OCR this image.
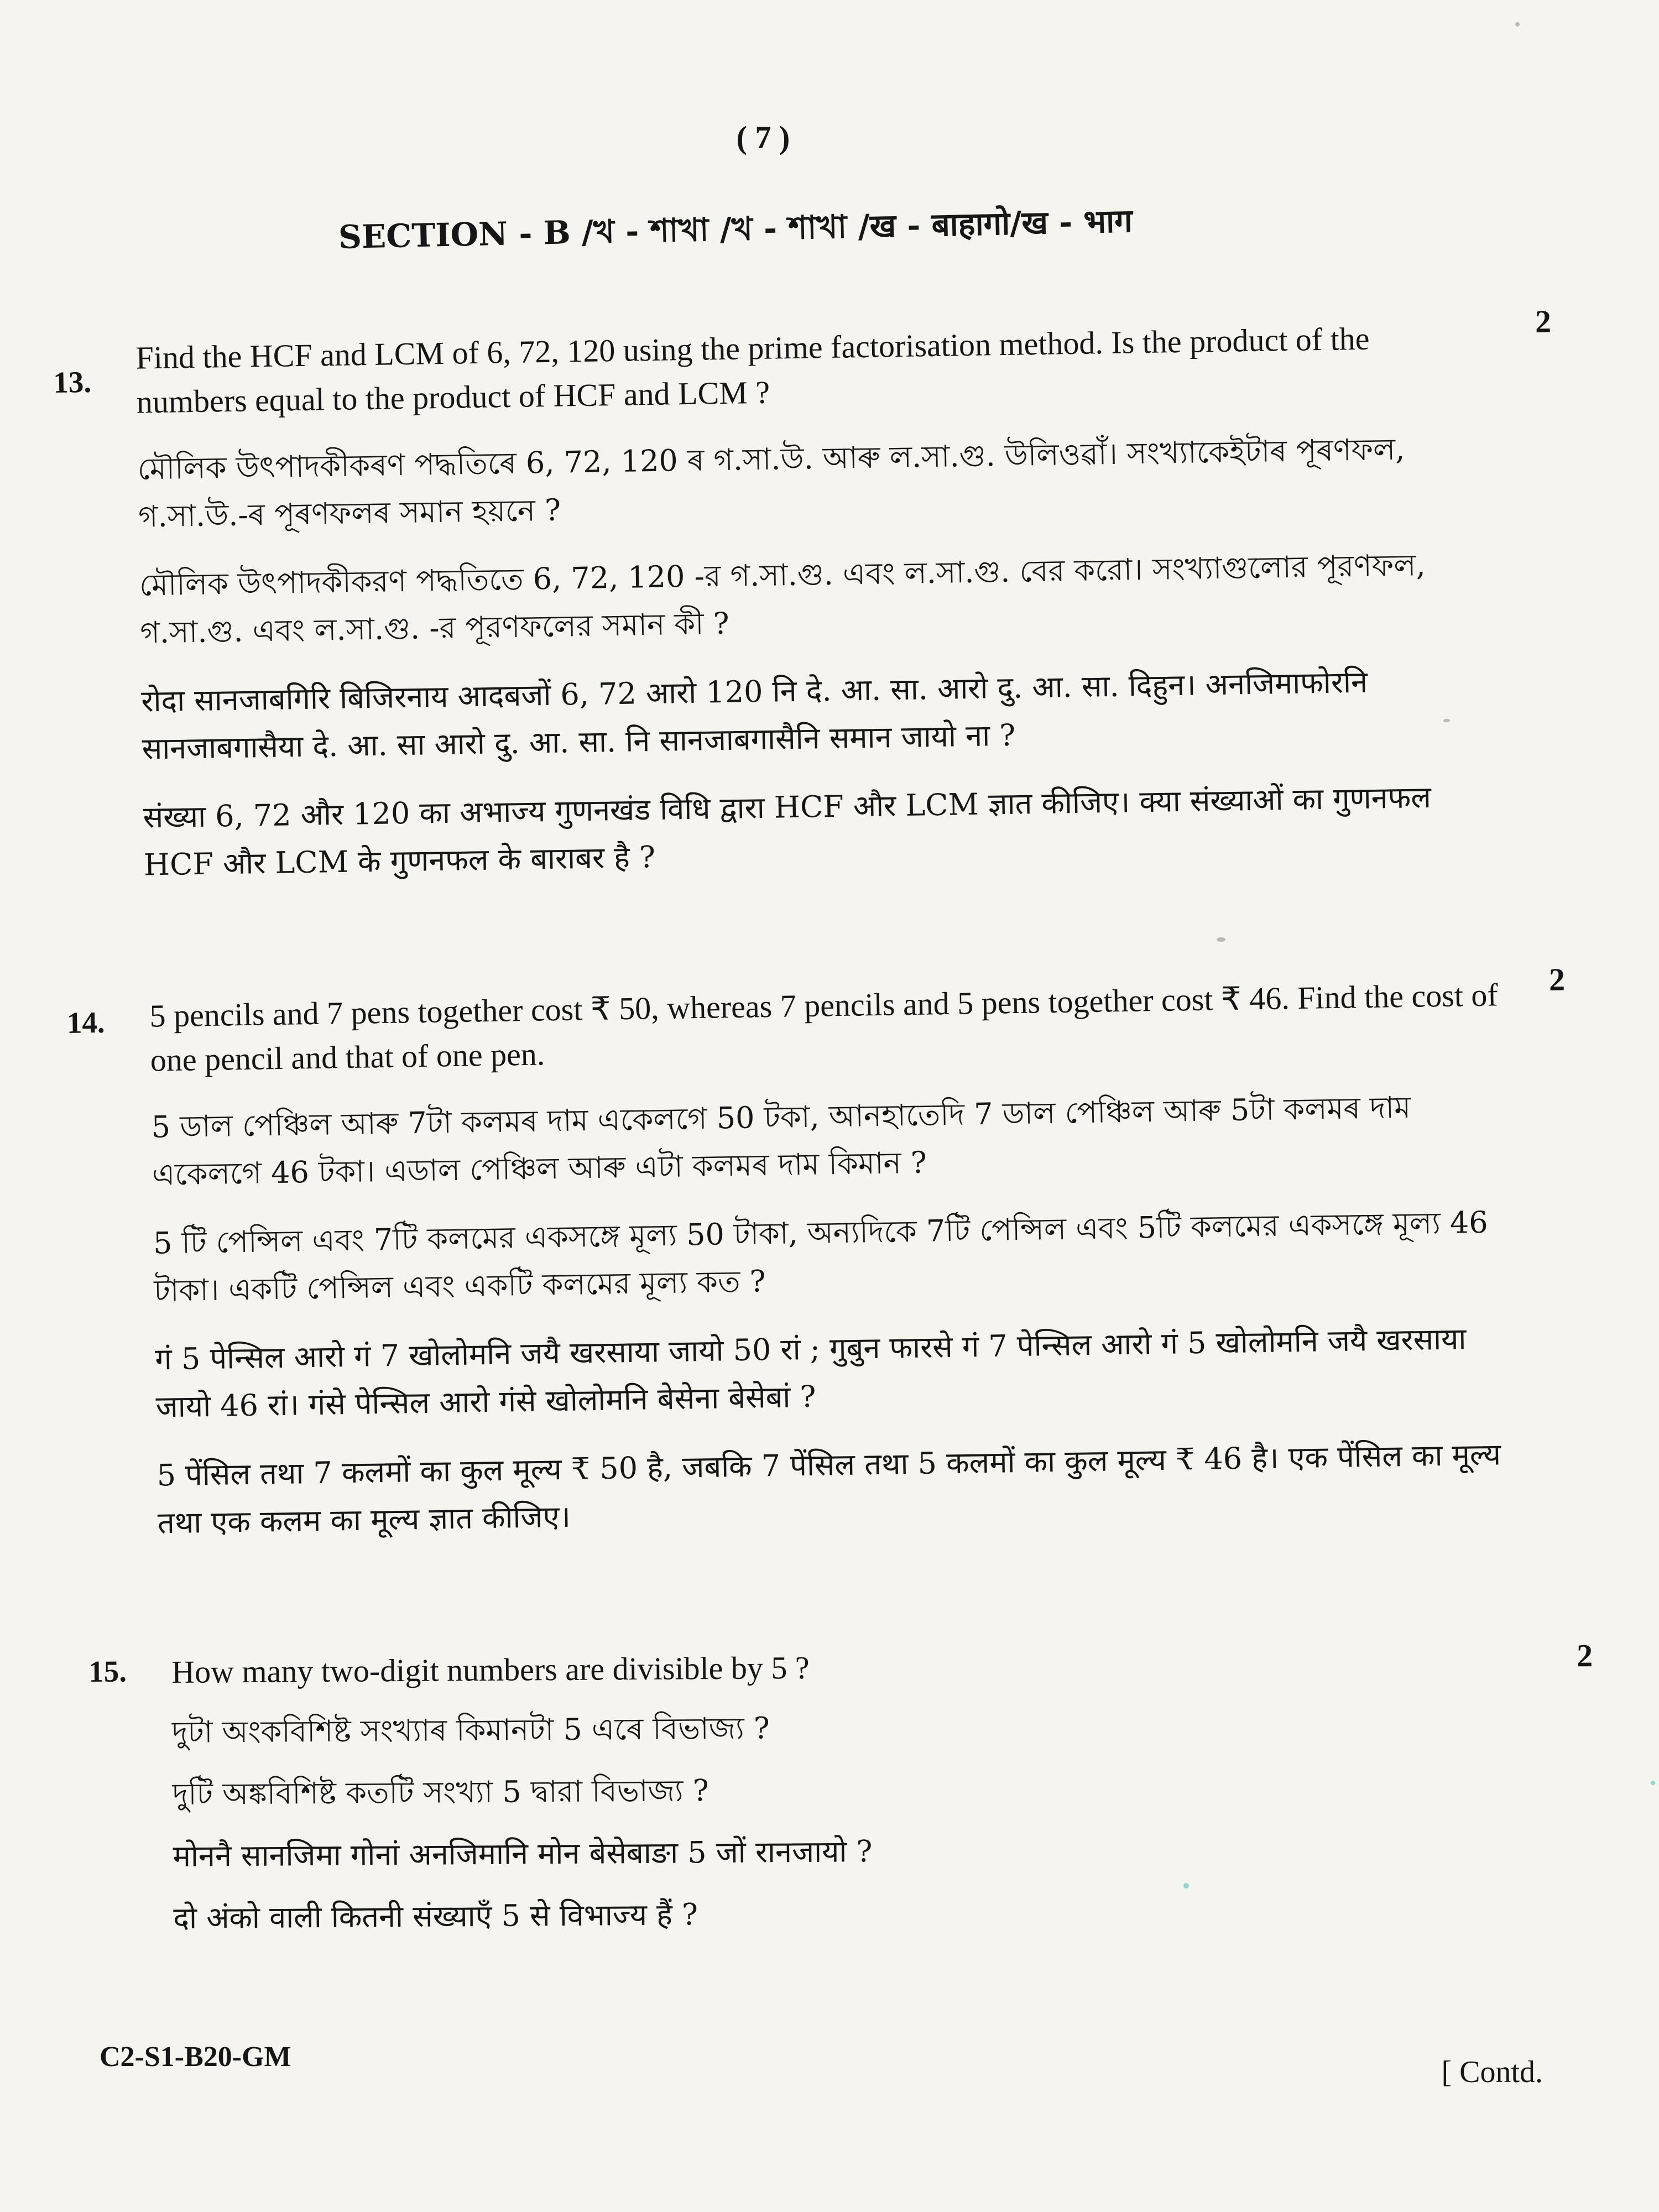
( 7 )
SECTION - B /খ - শাখা /খ - শাখা /ख - बाहागो/ख - भाग
13.
2

Find the HCF and LCM of 6, 72, 120 using the prime factorisation method. Is the product of the numbers equal to the product of HCF and LCM ?

মৌলিক উৎপাদকীকৰণ পদ্ধতিৰে 6, 72, 120 ৰ গ.সা.উ. আৰু ল.সা.গু. উলিওৱাঁ। সংখ্যাকেইটাৰ পূৰণফল, গ.সা.উ.-ৰ পূৰণফলৰ সমান হয়নে ?

মৌলিক উৎপাদকীকরণ পদ্ধতিতে 6, 72, 120 -র গ.সা.গু. এবং ল.সা.গু. বের করো। সংখ্যাগুলোর পূরণফল, গ.সা.গু. এবং ল.সা.গু. -র পূরণফলের সমান কী ?

रोदा सानजाबगिरि बिजिरनाय आदबजों 6, 72 आरो 120 नि दे. आ. सा. आरो दु. आ. सा. दिहुन। अनजिमाफोरनि सानजाबगासैया दे. आ. सा आरो दु. आ. सा. नि सानजाबगासैनि समान जायो ना ?

संख्या 6, 72 और 120 का अभाज्य गुणनखंड विधि द्वारा HCF और LCM ज्ञात कीजिए। क्या संख्याओं का गुणनफल HCF और LCM के गुणनफल के बाराबर है ?

14.
2

5 pencils and 7 pens together cost ₹ 50, whereas 7 pencils and 5 pens together cost ₹ 46. Find the cost of one pencil and that of one pen.

5 ডাল পেঞ্চিল আৰু 7টা কলমৰ দাম একেলগে 50 টকা, আনহাতেদি 7 ডাল পেঞ্চিল আৰু 5টা কলমৰ দাম একেলগে 46 টকা। এডাল পেঞ্চিল আৰু এটা কলমৰ দাম কিমান ?

5 টি পেন্সিল এবং 7টি কলমের একসঙ্গে মূল্য 50 টাকা, অন্যদিকে 7টি পেন্সিল এবং 5টি কলমের একসঙ্গে মূল্য 46 টাকা। একটি পেন্সিল এবং একটি কলমের মূল্য কত ?

गं 5 पेन्सिल आरो गं 7 खोलोमनि जयै खरसाया जायो 50 रां ; गुबुन फारसे गं 7 पेन्सिल आरो गं 5 खोलोमनि जयै खरसाया जायो 46 रां। गंसे पेन्सिल आरो गंसे खोलोमनि बेसेना बेसेबां ?

5 पेंसिल तथा 7 कलमों का कुल मूल्य ₹ 50 है, जबकि 7 पेंसिल तथा 5 कलमों का कुल मूल्य ₹ 46 है। एक पेंसिल का मूल्य तथा एक कलम का मूल्य ज्ञात कीजिए।

15.	2

How many two-digit numbers are divisible by 5 ?

দুটা অংকবিশিষ্ট সংখ্যাৰ কিমানটা 5 এৰে বিভাজ্য ?

দুটি অঙ্কবিশিষ্ট কতটি সংখ্যা 5 দ্বারা বিভাজ্য ?

मोननै सानजिमा गोनां अनजिमानि मोन बेसेबाङा 5 जों रानजायो ?

दो अंको वाली कितनी संख्याएँ 5 से विभाज्य हैं ?

C2-S1-B20-GM	[ Contd.
